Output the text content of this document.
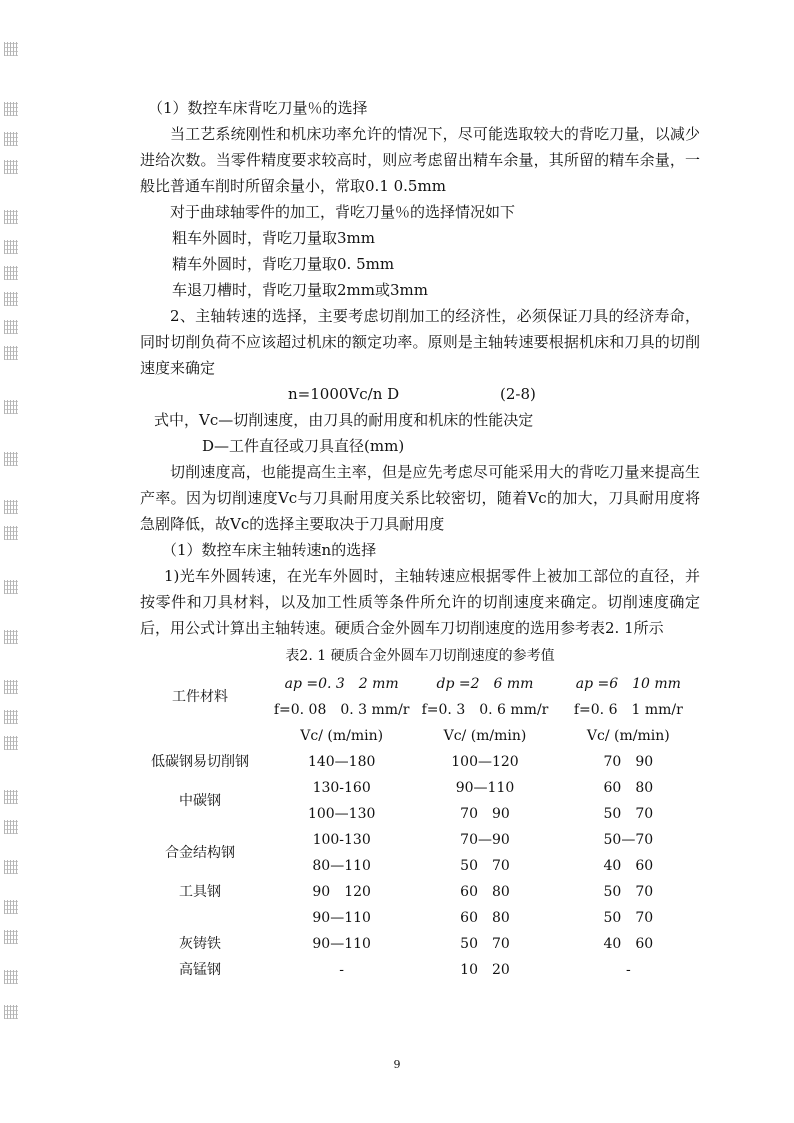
（1）数控车床背吃刀量％的选择

当工艺系统刚性和机床功率允许的情况下，尽可能选取较大的背吃刀量，以减少进给次数。当零件精度要求较高时，则应考虑留出精车余量，其所留的精车余量，一般比普通车削时所留余量小，常取0.1 0.5mm

对于曲球轴零件的加工，背吃刀量％的选择情况如下

粗车外圆时，背吃刀量取3mm

精车外圆时，背吃刀量取0. 5mm

车退刀槽时，背吃刀量取2mm或3mm

2、主轴转速的选择，主要考虑切削加工的经济性，必须保证刀具的经济寿命，同时切削负荷不应该超过机床的额定功率。原则是主轴转速要根据机床和刀具的切削速度来确定

n=1000Vc/n D	(2-8)

式中，Vc—切削速度，由刀具的耐用度和机床的性能决定

D—工件直径或刀具直径(mm)

切削速度高，也能提高生主率，但是应先考虑尽可能采用大的背吃刀量来提高生产率。因为切削速度Vc与刀具耐用度关系比较密切，随着Vc的加大，刀具耐用度将急剧降低，故Vc的选择主要取决于刀具耐用度

（1）数控车床主轴转速n的选择

1)光车外圆转速，在光车外圆时，主轴转速应根据零件上被加工部位的直径，并按零件和刀具材料，以及加工性质等条件所允许的切削速度来确定。切削速度确定后，用公式计算出主轴转速。硬质合金外圆车刀切削速度的选用参考表2. 1所示

表2. 1 硬质合金外圆车刀切削速度的参考值

工件材料	ap =0. 3　2 mm	dp =2　6 mm	ap =6　10 mm
	f=0. 08　0. 3 mm/r	f=0. 3　0. 6 mm/r	f=0. 6　1 mm/r
	Vc/ (m/min)	Vc/ (m/min)	Vc/ (m/min)
低碳钢易切削钢	140—180	100—120	70　90
中碳钢	130-160	90—110	60　80
	100—130	70　90	50　70
合金结构钢	100-130	70—90	50—70
	80—110	50　70	40　60
工具钢	90　120	60　80	50　70
	90—110	60　80	50　70
灰铸铁	90—110	50　70	40　60
高锰钢	-	10　20	-
9
